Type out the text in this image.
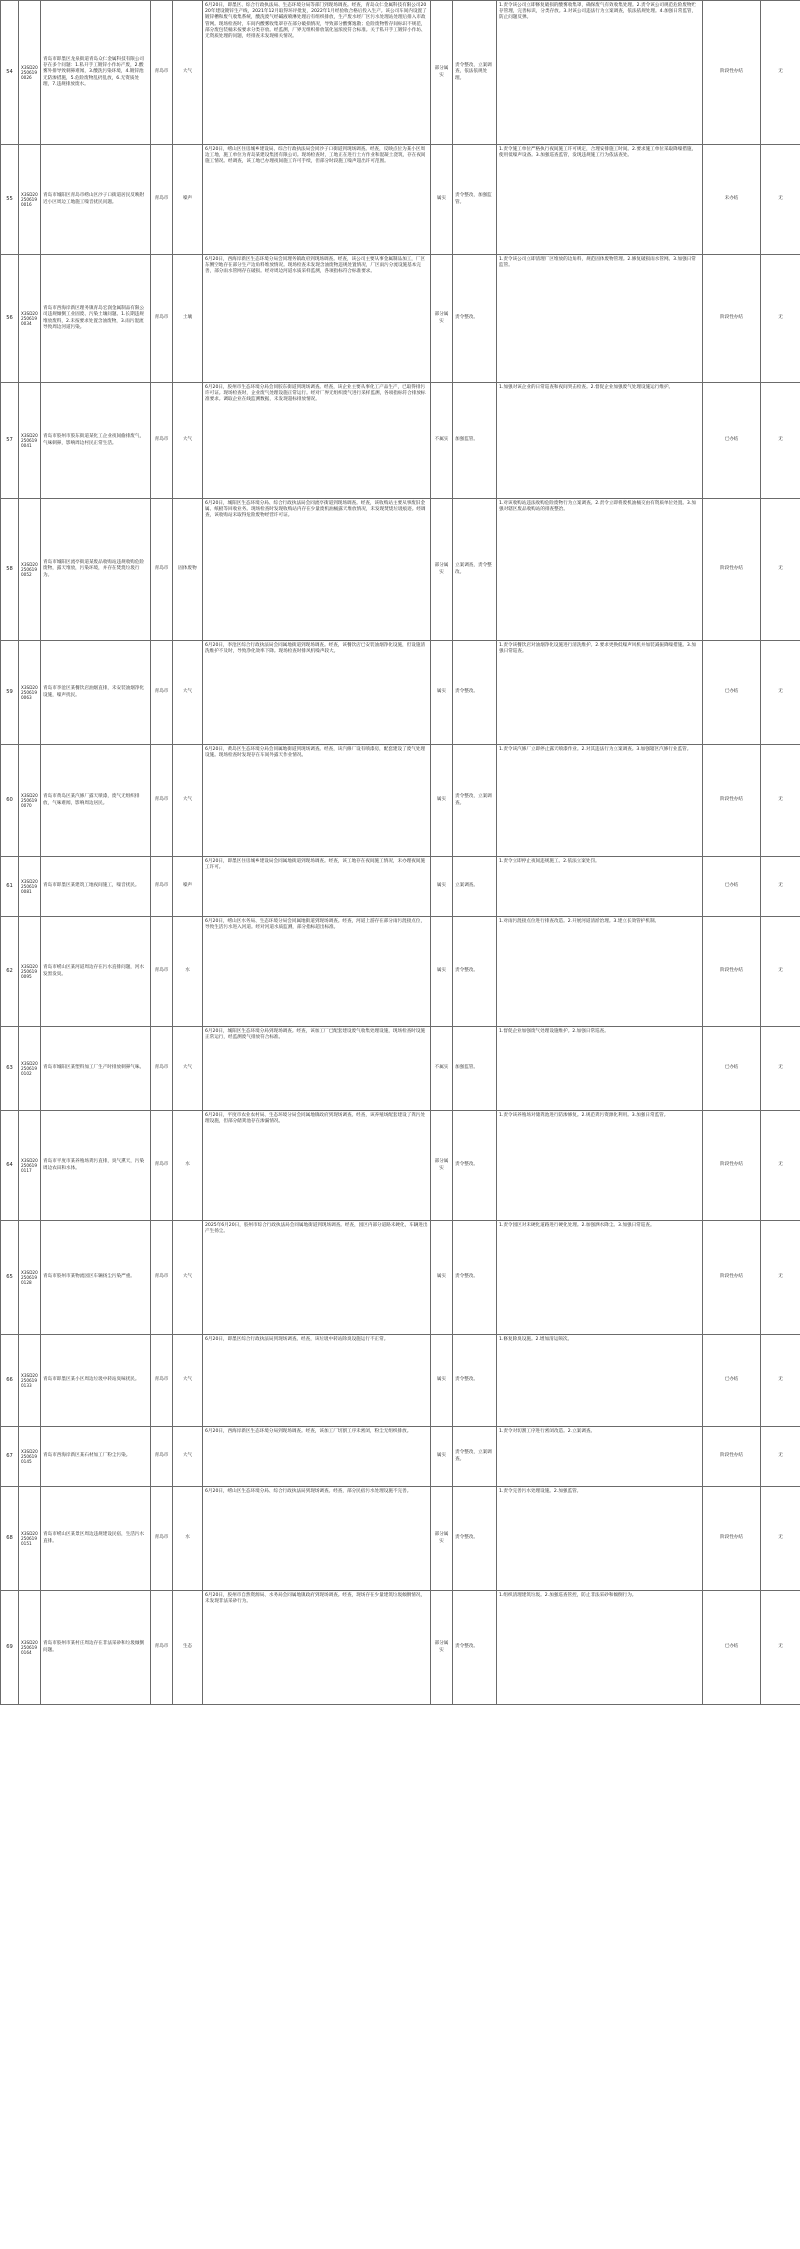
54	X3SD202506190026	青岛市即墨区龙泉街道青岛众仁金属科技有限公司存在多个问题：1.私开手工镀锌小作坊产废，2.酸雾外排导致刺鼻难闻，3.酸洗污染环境，4.镀锌池无防渗措施，5.危险废物乱扔乱放，6.无资质处理，7.违规排放废水。	青岛市	大气	6月20日，即墨区、综合行政执法局、生态环境分局等部门到现场调查。经查，青岛众仁金属科技有限公司2020年建设镀锌生产线，2021年12月取得环评批复，2022年1月经验收合格后投入生产。该公司车间内设置了镀锌槽和废气收集系统，酸洗废气经碱液喷淋处理后有组织排放，生产废水经厂区污水处理站处理后排入市政管网。现场检查时，车间内酸雾收集罩存在部分破损情况，导致部分酸雾逸散；危险废物暂存间标识不规范，部分废包装桶未按要求分类存放。经监测，厂界无组织排放氯化氢浓度符合标准。关于私开手工镀锌小作坊、无资质处理的问题，经排查未发现相关情况。	部分属实	责令整改，立案调查，依法依规处理。	1.责令该公司立即修复破损的酸雾收集罩，确保废气有效收集处理。2.责令该公司规范危险废物贮存管理，完善标识，分类存放。3.对该公司违法行为立案调查，依法依规处理。4.加强日常监管，防止问题反弹。	阶段性办结	无
55	X3SD202506190016	青岛市城阳区青岛市崂山区沙子口街道居民反映附近小区周边工地施工噪音扰民问题。	青岛市	噪声	6月20日，崂山区住房城乡建设局、综合行政执法局会同沙子口街道到现场调查。经查，反映点位为某小区周边工地，施工单位为青岛某建设集团有限公司。现场检查时，工地正在进行土方作业和混凝土浇筑，存在夜间施工情况。经调查，该工地已办理夜间施工许可手续，但部分时段施工噪声超出许可范围。	属实	责令整改，加强监管。	1.责令施工单位严格执行夜间施工许可规定，合理安排施工时间。2.要求施工单位采取降噪措施，使用低噪声设备。3.加强巡查监管，发现违规施工行为依法查处。	未办结	无
56	X3SD202506190034	青岛市西海岸新区理务镇青岛宏润金属制品有限公司违规倾倒工业固废、污染土壤问题。1.长期违规堆放废料，2.未按要求处置含油废物，3.雨污混流导致周边河道污染。	青岛市	土壤	6月20日，西海岸新区生态环境分局会同理务镇政府到现场调查。经查，该公司主要从事金属制品加工，厂区东侧空地存在部分生产边角料堆放情况。现场检查未发现含油废物违规处置情况，厂区雨污分流设施基本完善，部分雨水管网存在破损。经对周边河道水质采样监测，各项指标符合标准要求。	部分属实	责令整改。	1.责令该公司立即清理厂区堆放的边角料，规范固体废物管理。2.修复破损雨水管网。3.加强日常监管。	阶段性办结	无
57	X3SD202506190041	青岛市胶州市胶东街道某化工企业夜间偷排废气，气味刺鼻，影响周边村民正常生活。	青岛市	大气	6月20日，胶州市生态环境分局会同胶东街道到现场调查。经查，该企业主要从事化工产品生产，已取得排污许可证。现场检查时，企业废气处理设施正常运行。经对厂界无组织废气进行采样监测，各项指标符合排放标准要求。调取企业在线监测数据，未发现超标排放情况。	不属实	加强监管。	1.加强对该企业的日常巡查和夜间突击检查。2.督促企业加强废气处理设施运行维护。	已办结	无
58	X3SD202506190052	青岛市城阳区流亭街道某废品收购站违规收购危险废物，露天堆放，污染环境，并存在焚烧垃圾行为。	青岛市	固体废物	6月20日，城阳区生态环境分局、综合行政执法局会同流亭街道到现场调查。经查，该收购站主要从事废旧金属、纸板等回收业务。现场检查时发现收购站内存在少量废机油桶露天堆放情况，未发现焚烧垃圾痕迹。经调查，该收购站未取得危险废物经营许可证。	部分属实	立案调查，责令整改。	1.对该收购站违法收购危险废物行为立案调查。2.责令立即将废机油桶交由有资质单位处置。3.加强对辖区废品收购站的排查整治。	阶段性办结	无
59	X3SD202506190063	青岛市李沧区某餐饮店油烟直排，未安装油烟净化设施，噪声扰民。	青岛市	大气	6月20日，李沧区综合行政执法局会同属地街道到现场调查。经查，该餐饮店已安装油烟净化设施，但设施清洗维护不及时，导致净化效率下降。现场检查时排风机噪声较大。	属实	责令整改。	1.责令该餐饮店对油烟净化设施进行清洗维护。2.要求更换低噪声风机并加装减振降噪措施。3.加强日常巡查。	已办结	无
60	X3SD202506190070	青岛市黄岛区某汽修厂露天喷漆，废气无组织排放，气味难闻，影响周边居民。	青岛市	大气	6月20日，黄岛区生态环境分局会同属地街道到现场调查。经查，该汽修厂设有喷漆房，配套建设了废气处理设施。现场检查时发现存在车间外露天作业情况。	属实	责令整改，立案调查。	1.责令该汽修厂立即停止露天喷漆作业。2.对其违法行为立案调查。3.加强辖区汽修行业监管。	阶段性办结	无
61	X3SD202506190081	青岛市即墨区某建筑工地夜间施工，噪音扰民。	青岛市	噪声	6月20日，即墨区住房城乡建设局会同属地街道到现场调查。经查，该工地存在夜间施工情况，未办理夜间施工许可。	属实	立案调查。	1.责令立即停止夜间违规施工。2.依法立案处罚。	已办结	无
62	X3SD202506190095	青岛市崂山区某河道周边存在污水直排问题，河水发黑发臭。	青岛市	水	6月20日，崂山区水务局、生态环境分局会同属地街道到现场调查。经查，河道上游存在部分雨污混接点位，导致生活污水进入河道。经对河道水质监测，部分指标超出标准。	属实	责令整改。	1.对雨污混接点位进行排查改造。2.开展河道清淤治理。3.建立长效管护机制。	阶段性办结	无
63	X3SD202506190102	青岛市城阳区某塑料加工厂生产时排放刺鼻气味。	青岛市	大气	6月20日，城阳区生态环境分局到现场调查。经查，该加工厂已配套建设废气收集处理设施，现场检查时设施正常运行，经监测废气排放符合标准。	不属实	加强监管。	1.督促企业加强废气处理设施维护。2.加强日常巡查。	已办结	无
64	X3SD202506190117	青岛市平度市某养殖场粪污直排，臭气熏天，污染周边农田和水体。	青岛市	水	6月20日，平度市农业农村局、生态环境分局会同属地镇政府到现场调查。经查，该养殖场配套建设了粪污处理设施，但部分储粪池存在渗漏情况。	部分属实	责令整改。	1.责令该养殖场对储粪池进行防渗修复。2.规范粪污资源化利用。3.加强日常监管。	阶段性办结	无
65	X3SD202506190128	青岛市胶州市某物流园区车辆扬尘污染严重。	青岛市	大气	2025年6月20日，胶州市综合行政执法局会同属地街道到现场调查。经查，园区内部分道路未硬化，车辆进出产生扬尘。	属实	责令整改。	1.责令园区对未硬化道路进行硬化处理。2.加强洒水降尘。3.加强日常巡查。	阶段性办结	无
66	X3SD202506190133	青岛市即墨区某小区周边垃圾中转站臭味扰民。	青岛市	大气	6月20日，即墨区综合行政执法局到现场调查。经查，该垃圾中转站除臭设施运行不正常。	属实	责令整改。	1.修复除臭设施。2.增加清运频次。	已办结	无
67	X3SD202506190145	青岛市西海岸新区某石材加工厂粉尘污染。	青岛市	大气	6月20日，西海岸新区生态环境分局到现场调查。经查，该加工厂切割工序未密闭，粉尘无组织排放。	属实	责令整改，立案调查。	1.责令对切割工序进行密闭改造。2.立案调查。	阶段性办结	无
68	X3SD202506190151	青岛市崂山区某景区周边违规建设民宿，生活污水直排。	青岛市	水	6月20日，崂山区生态环境分局、综合行政执法局到现场调查。经查，部分民宿污水处理设施不完善。	部分属实	责令整改。	1.责令完善污水处理设施。2.加强监管。	阶段性办结	无
69	X3SD202506190164	青岛市胶州市某村庄周边存在非法采砂和垃圾倾倒问题。	青岛市	生态	6月20日，胶州市自然资源局、水务局会同属地镇政府到现场调查。经查，现场存在少量建筑垃圾倾倒情况，未发现非法采砂行为。	部分属实	责令整改。	1.组织清理建筑垃圾。2.加强巡查管控，防止非法采砂和倾倒行为。	已办结	无
